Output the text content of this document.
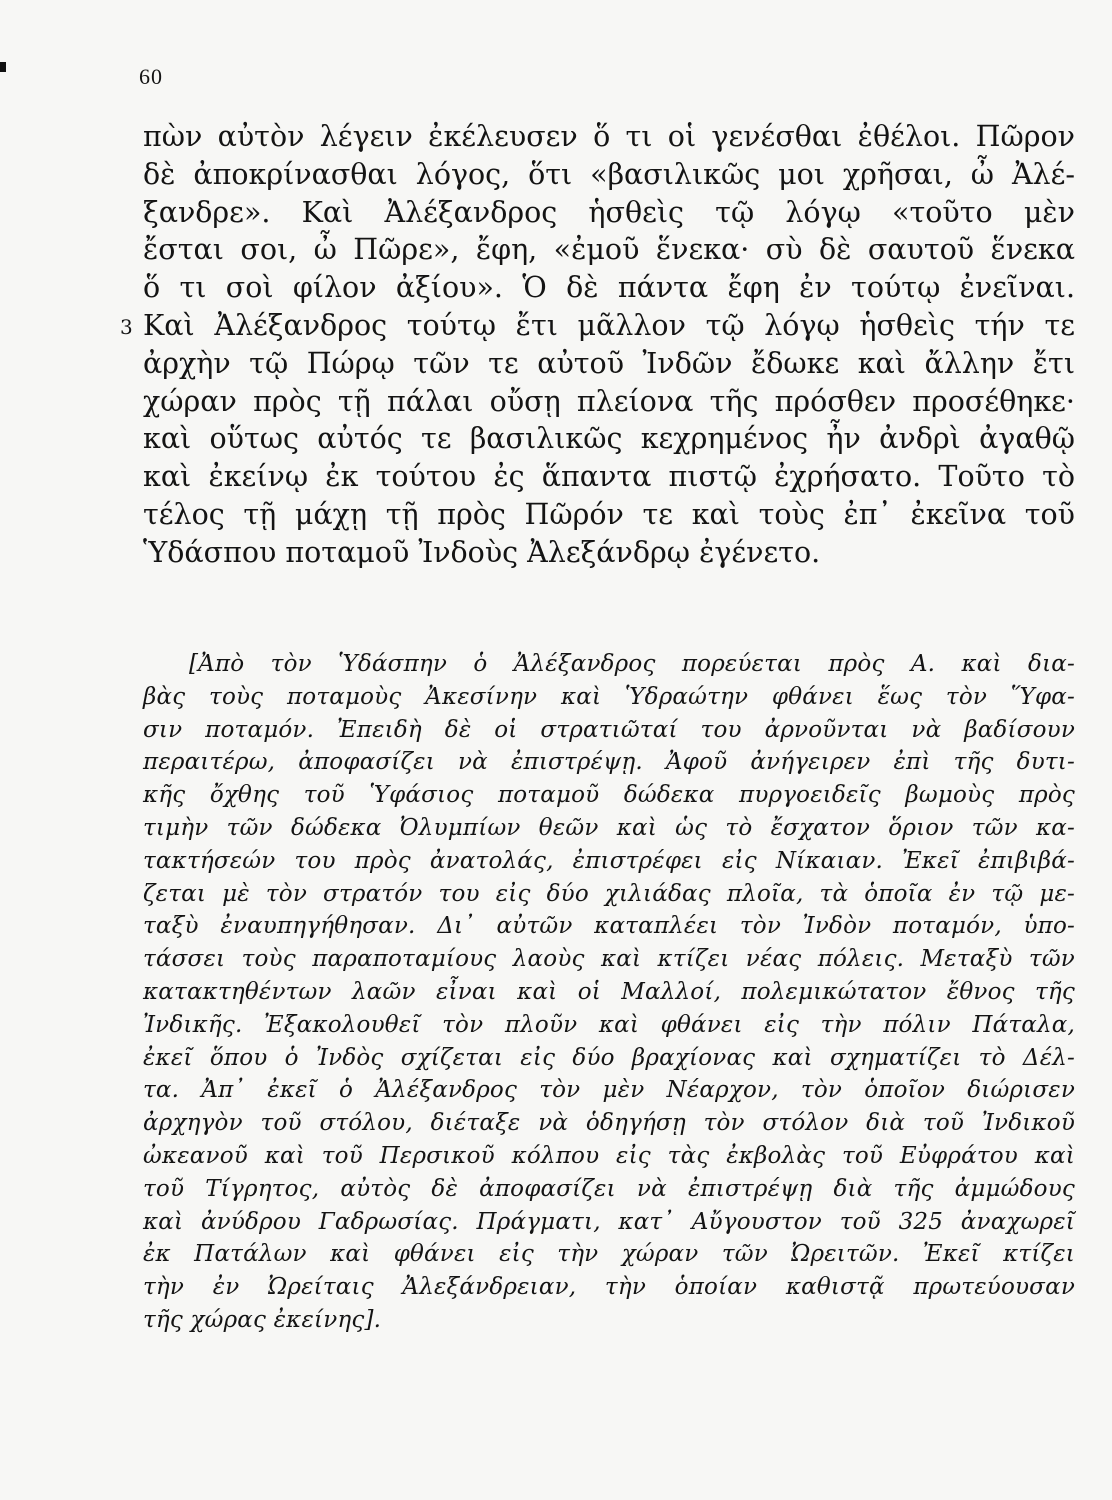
60
πὼν αὐτὸν λέγειν ἐκέλευσεν ὅ τι οἱ γενέσθαι ἐθέλοι. Πῶρον
δὲ ἀποκρίνασθαι λόγος, ὅτι «βασιλικῶς μοι χρῆσαι, ὦ Ἀλέ-
ξανδρε». Καὶ Ἀλέξανδρος ἡσθεὶς τῷ λόγῳ «τοῦτο μὲν
ἔσται σοι, ὦ Πῶρε», ἔφη, «ἐμοῦ ἕνεκα· σὺ δὲ σαυτοῦ ἕνεκα
ὅ τι σοὶ φίλον ἀξίου». Ὁ δὲ πάντα ἔφη ἐν τούτῳ ἐνεῖναι.
3 Καὶ Ἀλέξανδρος τούτῳ ἔτι μᾶλλον τῷ λόγῳ ἡσθεὶς τήν τε
ἀρχὴν τῷ Πώρῳ τῶν τε αὐτοῦ Ἰνδῶν ἔδωκε καὶ ἄλλην ἔτι
χώραν πρὸς τῇ πάλαι οὔσῃ πλείονα τῆς πρόσθεν προσέθηκε·
καὶ οὕτως αὐτός τε βασιλικῶς κεχρημένος ἦν ἀνδρὶ ἀγαθῷ
καὶ ἐκείνῳ ἐκ τούτου ἐς ἅπαντα πιστῷ ἐχρήσατο. Τοῦτο τὸ
τέλος τῇ μάχῃ τῇ πρὸς Πῶρόν τε καὶ τοὺς ἐπ᾽ ἐκεῖνα τοῦ
Ὑδάσπου ποταμοῦ Ἰνδοὺς Ἀλεξάνδρῳ ἐγένετο.
[Ἀπὸ τὸν Ὑδάσπην ὁ Ἀλέξανδρος πορεύεται πρὸς Α. καὶ δια-
βὰς τοὺς ποταμοὺς Ἀκεσίνην καὶ Ὑδραώτην φθάνει ἕως τὸν Ὕφα-
σιν ποταμόν. Ἐπειδὴ δὲ οἱ στρατιῶταί του ἀρνοῦνται νὰ βαδίσουν
περαιτέρω, ἀποφασίζει νὰ ἐπιστρέψῃ. Ἀφοῦ ἀνήγειρεν ἐπὶ τῆς δυτι-
κῆς ὄχθης τοῦ Ὑφάσιος ποταμοῦ δώδεκα πυργοειδεῖς βωμοὺς πρὸς
τιμὴν τῶν δώδεκα Ὀλυμπίων θεῶν καὶ ὡς τὸ ἔσχατον ὅριον τῶν κα-
τακτήσεών του πρὸς ἀνατολάς, ἐπιστρέφει εἰς Νίκαιαν. Ἐκεῖ ἐπιβιβά-
ζεται μὲ τὸν στρατόν του εἰς δύο χιλιάδας πλοῖα, τὰ ὁποῖα ἐν τῷ με-
ταξὺ ἐναυπηγήθησαν. Δι᾽ αὐτῶν καταπλέει τὸν Ἰνδὸν ποταμόν, ὑπο-
τάσσει τοὺς παραποταμίους λαοὺς καὶ κτίζει νέας πόλεις. Μεταξὺ τῶν
κατακτηθέντων λαῶν εἶναι καὶ οἱ Μαλλοί, πολεμικώτατον ἔθνος τῆς
Ἰνδικῆς. Ἐξακολουθεῖ τὸν πλοῦν καὶ φθάνει εἰς τὴν πόλιν Πάταλα,
ἐκεῖ ὅπου ὁ Ἰνδὸς σχίζεται εἰς δύο βραχίονας καὶ σχηματίζει τὸ Δέλ-
τα. Ἀπ᾽ ἐκεῖ ὁ Ἀλέξανδρος τὸν μὲν Νέαρχον, τὸν ὁποῖον διώρισεν
ἀρχηγὸν τοῦ στόλου, διέταξε νὰ ὁδηγήσῃ τὸν στόλον διὰ τοῦ Ἰνδικοῦ
ὠκεανοῦ καὶ τοῦ Περσικοῦ κόλπου εἰς τὰς ἐκβολὰς τοῦ Εὐφράτου καὶ
τοῦ Τίγρητος, αὐτὸς δὲ ἀποφασίζει νὰ ἐπιστρέψῃ διὰ τῆς ἀμμώδους
καὶ ἀνύδρου Γαδρωσίας. Πράγματι, κατ᾽ Αὔγουστον τοῦ 325 ἀναχωρεῖ
ἐκ Πατάλων καὶ φθάνει εἰς τὴν χώραν τῶν Ὠρειτῶν. Ἐκεῖ κτίζει
τὴν ἐν Ὠρείταις Ἀλεξάνδρειαν, τὴν ὁποίαν καθιστᾷ πρωτεύουσαν
τῆς χώρας ἐκείνης].
